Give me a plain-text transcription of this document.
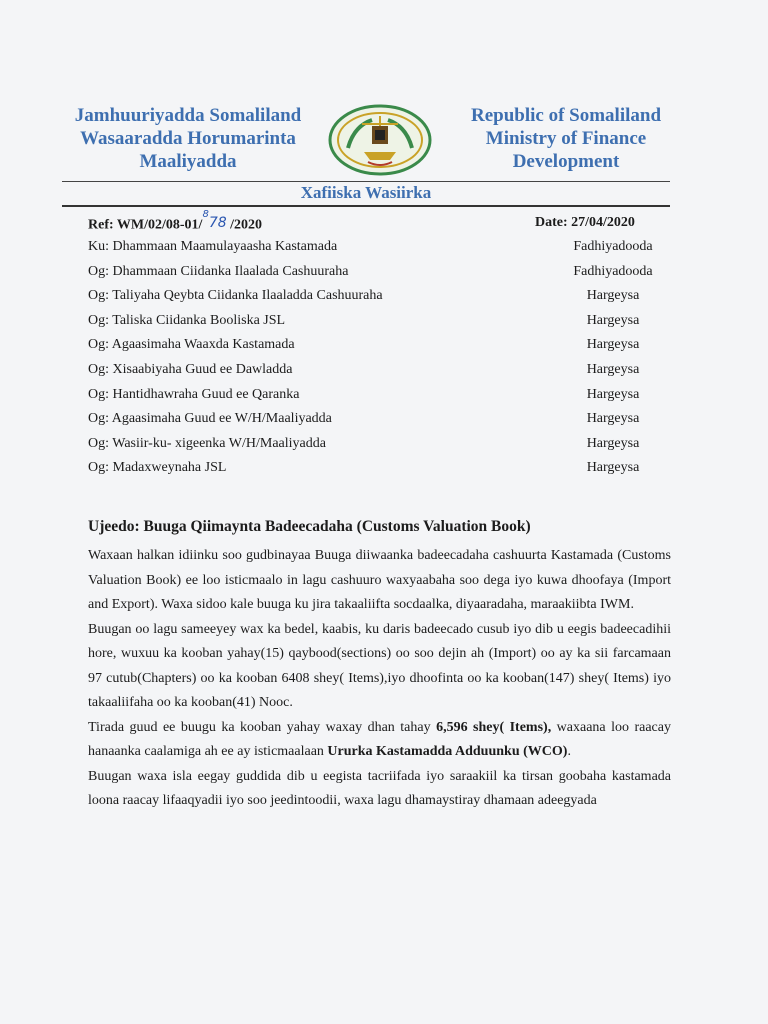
Jamhuuriyadda Somaliland
Wasaaradda Horumarinta
Maaliyadda
Republic of Somaliland
Ministry of Finance
Development
Xafiiska Wasiirka
Ref: WM/02/08-01/$^8$78 /2020	Date: 27/04/2020
Ku: Dhammaan Maamulayaasha Kastamada	Fadhiyadooda
Og: Dhammaan Ciidanka Ilaalada Cashuuraha	Fadhiyadooda
Og: Taliyaha Qeybta Ciidanka Ilaaladda Cashuuraha	Hargeysa
Og: Taliska Ciidanka Booliska JSL	Hargeysa
Og: Agaasimaha Waaxda Kastamada	Hargeysa
Og: Xisaabiyaha Guud ee Dawladda	Hargeysa
Og: Hantidhawraha Guud ee Qaranka	Hargeysa
Og: Agaasimaha Guud ee W/H/Maaliyadda	Hargeysa
Og: Wasiir-ku- xigeenka W/H/Maaliyadda	Hargeysa
Og: Madaxweynaha JSL	Hargeysa
Ujeedo: Buuga Qiimaynta Badeecadaha (Customs Valuation Book)

Waxaan halkan idiinku soo gudbinayaa Buuga diiwaanka badeecadaha cashuurta Kastamada (Customs Valuation Book) ee loo isticmaalo in lagu cashuuro waxyaabaha soo dega iyo kuwa dhoofaya (Import and Export). Waxa sidoo kale buuga ku jira takaaliifta socdaalka, diyaaradaha, maraakiibta IWM.

Buugan oo lagu sameeyey wax ka bedel, kaabis, ku daris badeecado cusub iyo dib u eegis badeecadihii hore, wuxuu ka kooban yahay(15) qaybood(sections) oo soo dejin ah (Import) oo ay ka sii farcamaan 97 cutub(Chapters) oo ka kooban 6408 shey( Items),iyo dhoofinta oo ka kooban(147) shey( Items) iyo takaaliifaha oo ka kooban(41) Nooc.

Tirada guud ee buugu ka kooban yahay waxay dhan tahay 6,596 shey( Items), waxaana loo raacay hanaanka caalamiga ah ee ay isticmaalaan Ururka Kastamadda Adduunku (WCO).

Buugan waxa isla eegay guddida dib u eegista tacriifada iyo saraakiil ka tirsan goobaha kastamada loona raacay lifaaqyadii iyo soo jeedintoodii, waxa lagu dhamaystiray dhamaan adeegyada
